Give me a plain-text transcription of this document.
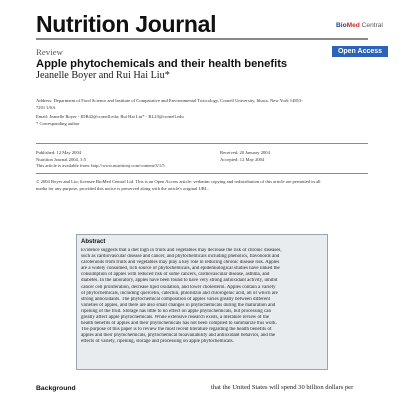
Nutrition Journal	BioMed Central
Review	Open Access
Apple phytochemicals and their health benefits
Jeanelle Boyer and Rui Hai Liu*
Address: Department of Food Science and Institute of Comparative and Environmental Toxicology, Cornell University, Ithaca, New York 14853-
7201 USA
Email: Jeanelle Boyer - JDB42@cornell.edu; Rui Hai Liu* - RL23@cornell.edu
* Corresponding author
Published: 12 May 2004
Nutrition Journal 2004, 3:5
This article is available from: http://www.nutritionj.com/content/3/1/5
Received: 20 January 2004
Accepted: 12 May 2004
© 2004 Boyer and Liu; licensee BioMed Central Ltd. This is an Open Access article: verbatim copying and redistribution of this article are permitted in all
media for any purpose, provided this notice is preserved along with the article's original URL.
Abstract
Evidence suggests that a diet high in fruits and vegetables may decrease the risk of chronic diseases,
such as cardiovascular disease and cancer, and phytochemicals including phenolics, flavonoids and
carotenoids from fruits and vegetables may play a key role in reducing chronic disease risk. Apples
are a widely consumed, rich source of phytochemicals, and epidemiological studies have linked the
consumption of apples with reduced risk of some cancers, cardiovascular disease, asthma, and
diabetes. In the laboratory, apples have been found to have very strong antioxidant activity, inhibit
cancer cell proliferation, decrease lipid oxidation, and lower cholesterol. Apples contain a variety
of phytochemicals, including quercetin, catechin, phloridzin and chlorogenic acid, all of which are
strong antioxidants. The phytochemical composition of apples varies greatly between different
varieties of apples, and there are also small changes in phytochemicals during the maturation and
ripening of the fruit. Storage has little to no effect on apple phytochemicals, but processing can
greatly affect apple phytochemicals. While extensive research exists, a literature review of the
health benefits of apples and their phytochemicals has not been compiled to summarize this work.
The purpose of this paper is to review the most recent literature regarding the health benefits of
apples and their phytochemicals, phytochemical bioavailability and antioxidant behavior, and the
effects of variety, ripening, storage and processing on apple phytochemicals.
Background	that the United States will spend 30 billion dollars per
